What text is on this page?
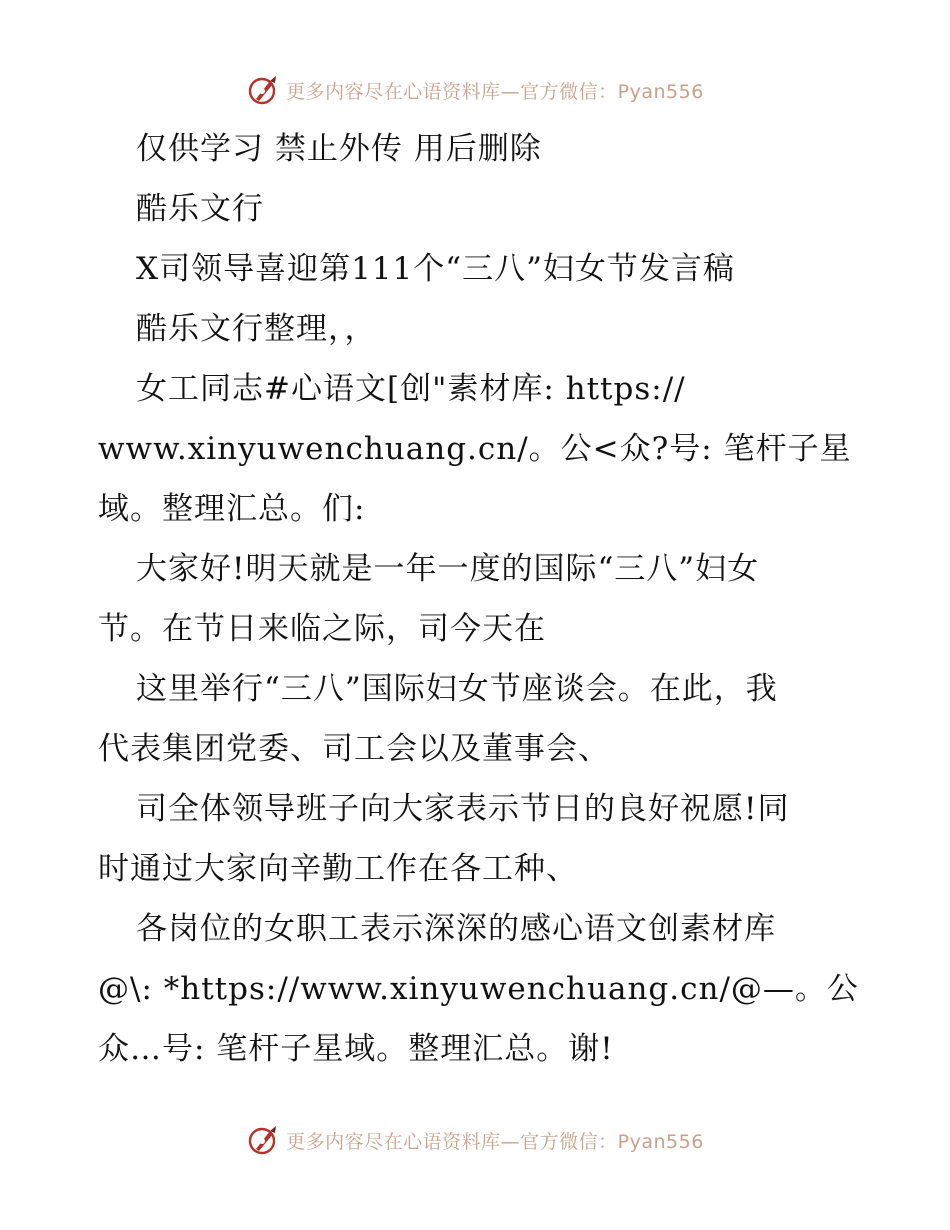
更多内容尽在心语资料库—官方微信：Pyan556
仅供学习 禁止外传 用后删除
酷乐文行
X司领导喜迎第111个“三八”妇女节发言稿
酷乐文行整理，，
女工同志#心语文[创"素材库: https://
www.xinyuwenchuang.cn/。公<众?号: 笔杆子星
域。整理汇总。们:
大家好!明天就是一年一度的国际“三八”妇女
节。在节日来临之际，司今天在
这里举行“三八”国际妇女节座谈会。在此，我
代表集团党委、司工会以及董事会、
司全体领导班子向大家表示节日的良好祝愿!同
时通过大家向辛勤工作在各工种、
各岗位的女职工表示深深的感心语文创素材库
@\: *https://www.xinyuwenchuang.cn/@—。公
众…号: 笔杆子星域。整理汇总。谢!
更多内容尽在心语资料库—官方微信：Pyan556
